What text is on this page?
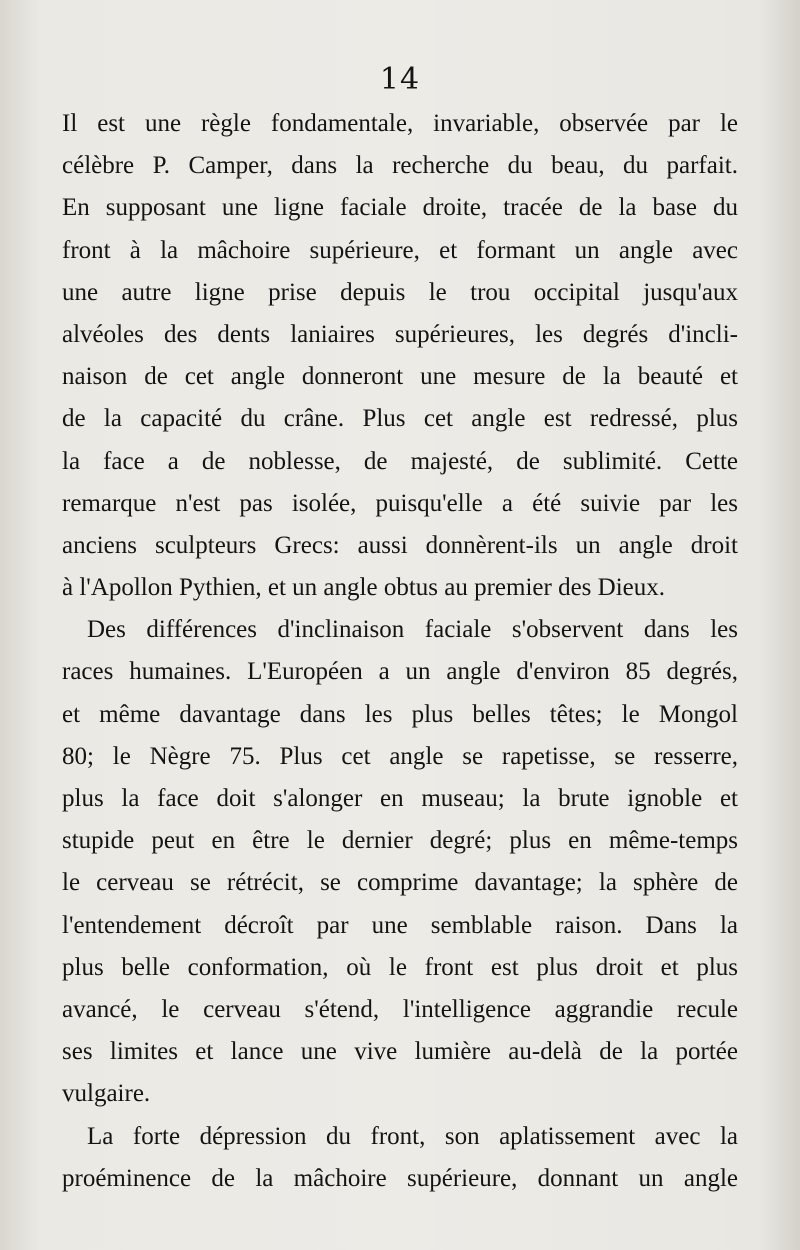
14
Il est une règle fondamentale, invariable, observée par le
célèbre P. Camper, dans la recherche du beau, du parfait.
En supposant une ligne faciale droite, tracée de la base du
front à la mâchoire supérieure, et formant un angle avec
une autre ligne prise depuis le trou occipital jusqu'aux
alvéoles des dents laniaires supérieures, les degrés d'incli-
naison de cet angle donneront une mesure de la beauté et
de la capacité du crâne. Plus cet angle est redressé, plus
la face a de noblesse, de majesté, de sublimité. Cette
remarque n'est pas isolée, puisqu'elle a été suivie par les
anciens sculpteurs Grecs: aussi donnèrent-ils un angle droit
à l'Apollon Pythien, et un angle obtus au premier des Dieux.
Des différences d'inclinaison faciale s'observent dans les
races humaines. L'Européen a un angle d'environ 85 degrés,
et même davantage dans les plus belles têtes; le Mongol
80; le Nègre 75. Plus cet angle se rapetisse, se resserre,
plus la face doit s'alonger en museau; la brute ignoble et
stupide peut en être le dernier degré; plus en même-temps
le cerveau se rétrécit, se comprime davantage; la sphère de
l'entendement décroît par une semblable raison. Dans la
plus belle conformation, où le front est plus droit et plus
avancé, le cerveau s'étend, l'intelligence aggrandie recule
ses limites et lance une vive lumière au-delà de la portée
vulgaire.
La forte dépression du front, son aplatissement avec la
proéminence de la mâchoire supérieure, donnant un angle
